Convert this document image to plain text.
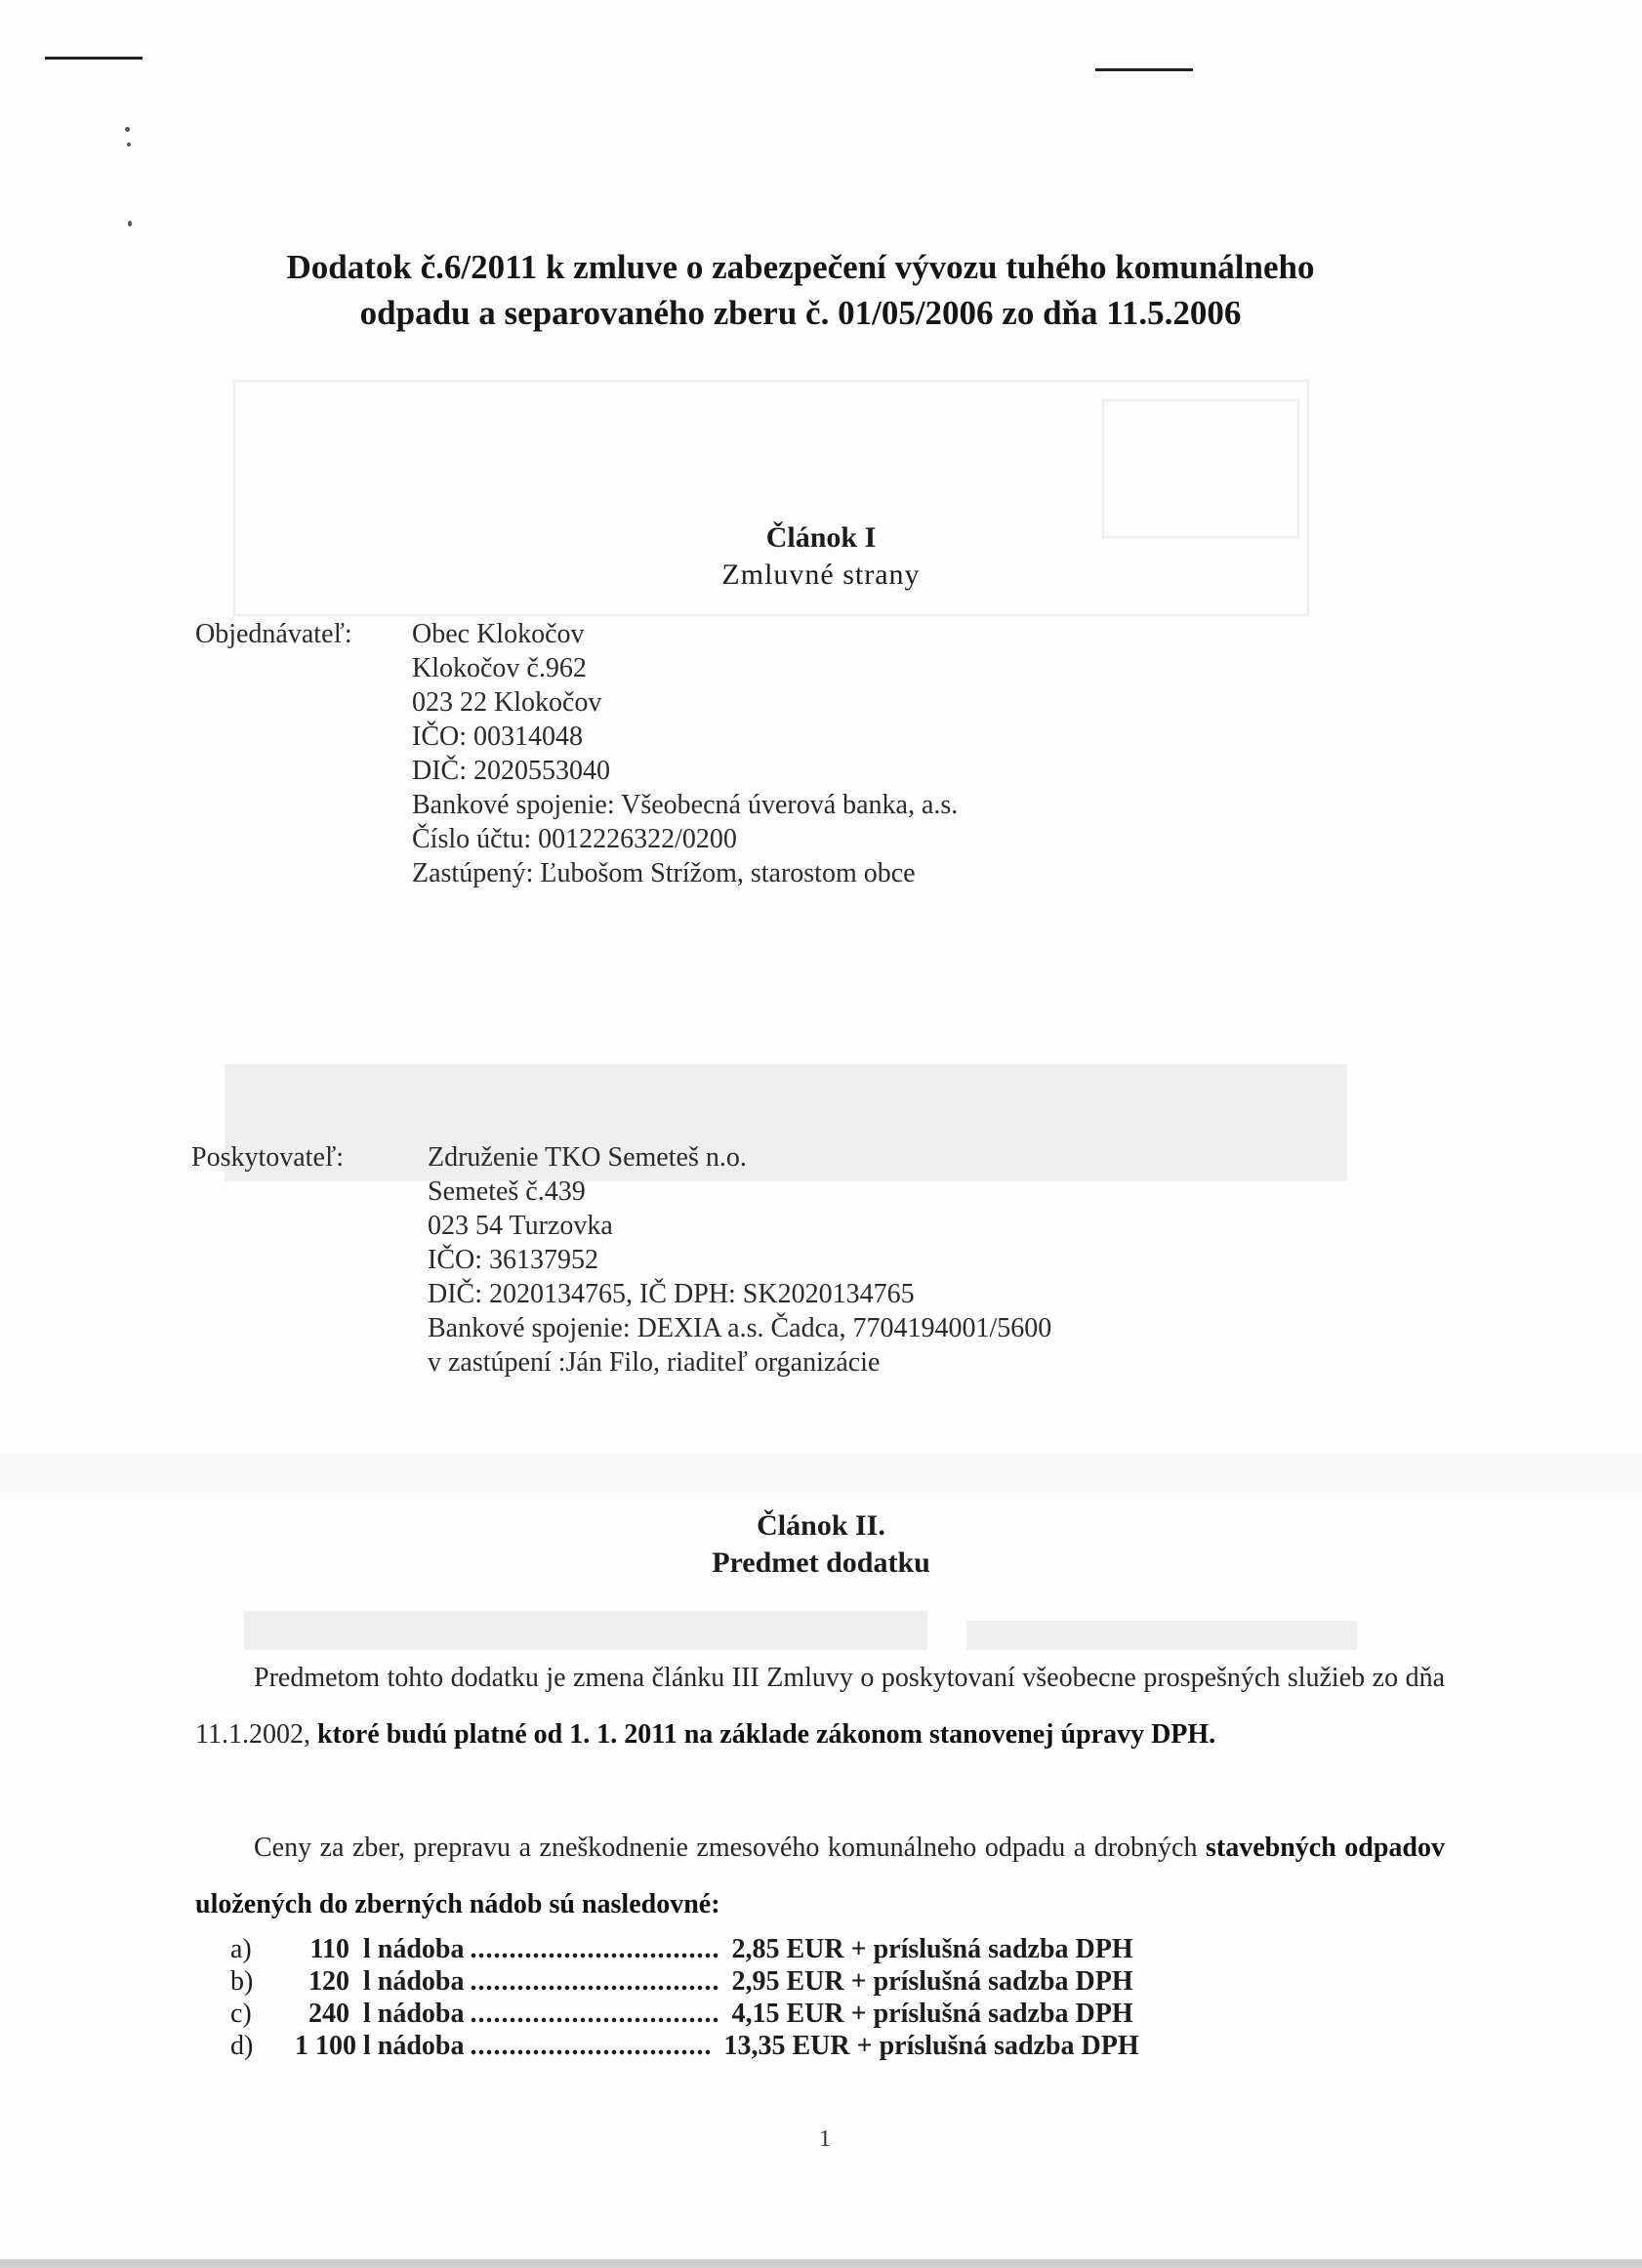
Dodatok č.6/2011 k zmluve o zabezpečení vývozu tuhého komunálneho
odpadu a separovaného zberu č. 01/05/2006 zo dňa 11.5.2006
Článok I
Zmluvné strany
Objednávateľ: Obec Klokočov
Klokočov č.962
023 22 Klokočov
IČO: 00314048
DIČ: 2020553040
Bankové spojenie: Všeobecná úverová banka, a.s.
Číslo účtu: 0012226322/0200
Zastúpený: Ľubošom Strížom, starostom obce
Poskytovateľ:	Združenie TKO Semeteš n.o.
Semeteš č.439
023 54 Turzovka
IČO: 36137952
DIČ: 2020134765, IČ DPH: SK2020134765
Bankové spojenie: DEXIA a.s. Čadca, 7704194001/5600
v zastúpení :Ján Filo, riaditeľ organizácie
Článok II.
Predmet dodatku
Predmetom tohto dodatku je zmena článku III Zmluvy o poskytovaní všeobecne prospešných služieb zo dňa 11.1.2002, ktoré budú platné od 1. 1. 2011 na základe zákonom stanovenej úpravy DPH.
Ceny za zber, prepravu a zneškodnenie zmesového komunálneho odpadu a drobných stavebných odpadov uložených do zberných nádob sú nasledovné:
a)	110 l nádoba ................................ 2,85 EUR + príslušná sadzba DPH
b)	120 l nádoba ................................ 2,95 EUR + príslušná sadzba DPH
c)	240 l nádoba ................................ 4,15 EUR + príslušná sadzba DPH
d)	1 100 l nádoba ............................... 13,35 EUR + príslušná sadzba DPH
1
